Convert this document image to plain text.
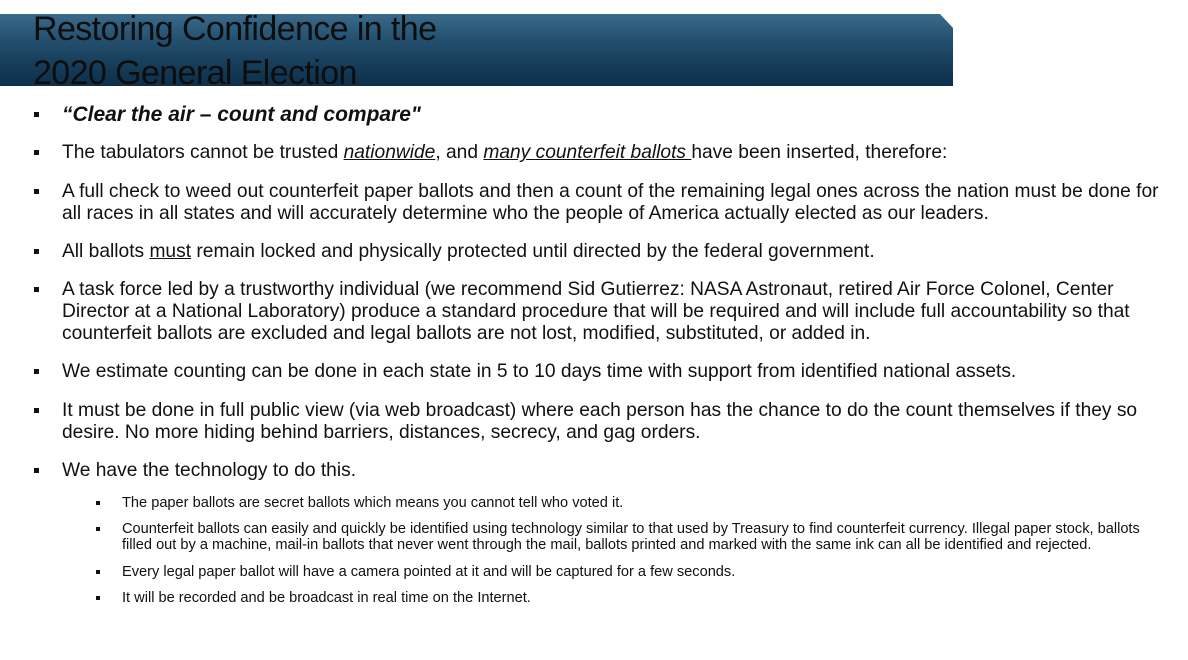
Restoring Confidence in the
2020 General Election
“Clear the air – count and compare"
The tabulators cannot be trusted nationwide, and many counterfeit ballots have been inserted, therefore:
A full check to weed out counterfeit paper ballots and then a count of the remaining legal ones across the nation must be done for all races in all states and will accurately determine who the people of America actually elected as our leaders.
All ballots must remain locked and physically protected until directed by the federal government.
A task force led by a trustworthy individual (we recommend Sid Gutierrez: NASA Astronaut, retired Air Force Colonel, Center Director at a National Laboratory) produce a standard procedure that will be required and will include full accountability so that counterfeit ballots are excluded and legal ballots are not lost, modified, substituted, or added in.
We estimate counting can be done in each state in 5 to 10 days time with support from identified national assets.
It must be done in full public view (via web broadcast) where each person has the chance to do the count themselves if they so desire. No more hiding behind barriers, distances, secrecy, and gag orders.
We have the technology to do this.
The paper ballots are secret ballots which means you cannot tell who voted it.
Counterfeit ballots can easily and quickly be identified using technology similar to that used by Treasury to find counterfeit currency. Illegal paper stock, ballots filled out by a machine, mail-in ballots that never went through the mail, ballots printed and marked with the same ink can all be identified and rejected.
Every legal paper ballot will have a camera pointed at it and will be captured for a few seconds.
It will be recorded and be broadcast in real time on the Internet.
